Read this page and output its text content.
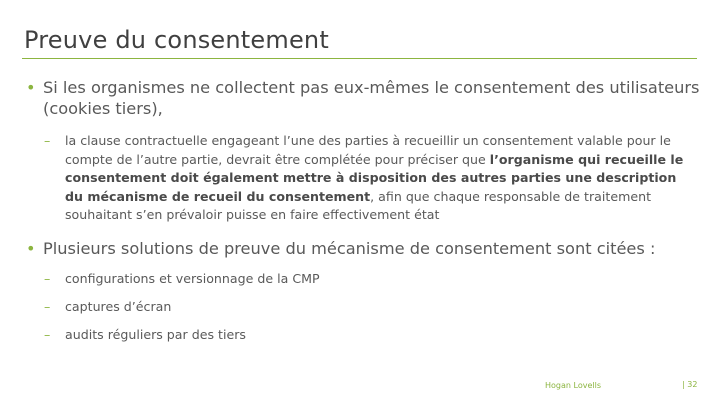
Preuve du consentement
• Si les organismes ne collectent pas eux-mêmes le consentement des utilisateurs (cookies tiers),
– la clause contractuelle engageant l’une des parties à recueillir un consentement valable pour le compte de l’autre partie, devrait être complétée pour préciser que l’organisme qui recueille le consentement doit également mettre à disposition des autres parties une description du mécanisme de recueil du consentement, afin que chaque responsable de traitement souhaitant s’en prévaloir puisse en faire effectivement état
• Plusieurs solutions de preuve du mécanisme de consentement sont citées :
– configurations et versionnage de la CMP
– captures d’écran
– audits réguliers par des tiers
Hogan Lovells	| 32
